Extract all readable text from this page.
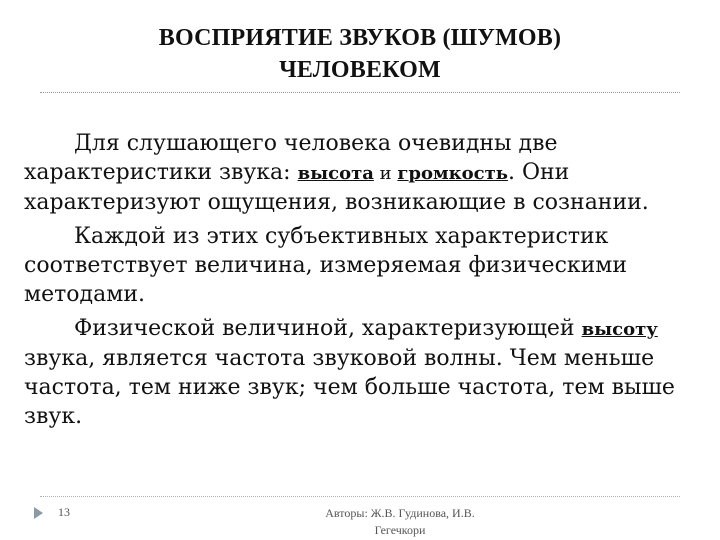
ВОСПРИЯТИЕ ЗВУКОВ (ШУМОВ)
ЧЕЛОВЕКОМ

Для слушающего человека очевидны две характеристики звука: высота и громкость. Они характеризуют ощущения, возникающие в сознании.

Каждой из этих субъективных характеристик соответствует величина, измеряемая физическими методами.

Физической величиной, характеризующей высоту звука, является частота звуковой волны. Чем меньше частота, тем ниже звук; чем больше частота, тем выше звук.

13	Авторы: Ж.В. Гудинова, И.В.
Гегечкори
